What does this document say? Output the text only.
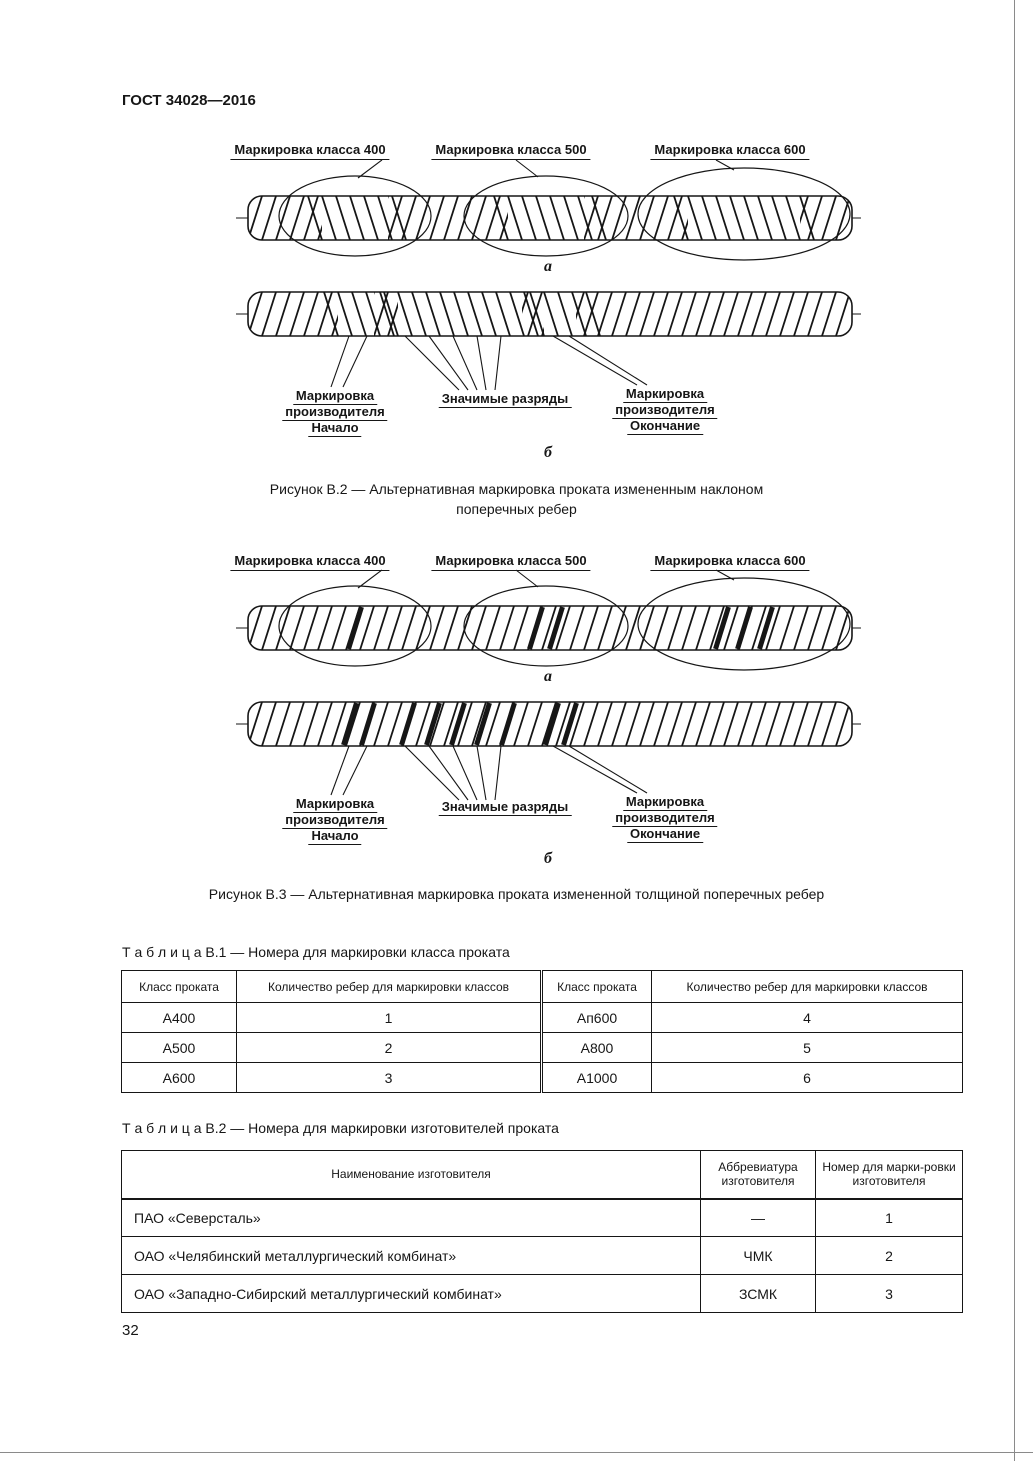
ГОСТ 34028—2016
Маркировка класса 400	Маркировка класса 500	Маркировка класса 600
а
Маркировка
производителя
Начало
Значимые разряды	Маркировка
производителя
Окончание
б
Рисунок В.2 — Альтернативная маркировка проката измененным наклоном
поперечных ребер
Маркировка класса 400	Маркировка класса 500	Маркировка класса 600
а
Маркировка
производителя
Начало
Значимые разряды	Маркировка
производителя
Окончание
б
Рисунок В.3 — Альтернативная маркировка проката измененной толщиной поперечных ребер
Т а б л и ц а В.1 — Номера для маркировки класса проката
Класс проката	Количество ребер для маркировки классов	Класс проката	Количество ребер для маркировки классов
А400	1	Ап600	4
А500	2	А800	5
А600	3	А1000	6
Т а б л и ц а В.2 — Номера для маркировки изготовителей проката
Наименование изготовителя	Аббревиатура изготовителя	Номер для марки-ровки изготовителя
ПАО «Северсталь»	—	1
ОАО «Челябинский металлургический комбинат»	ЧМК	2
ОАО «Западно-Сибирский металлургический комбинат»	ЗСМК	3
32
